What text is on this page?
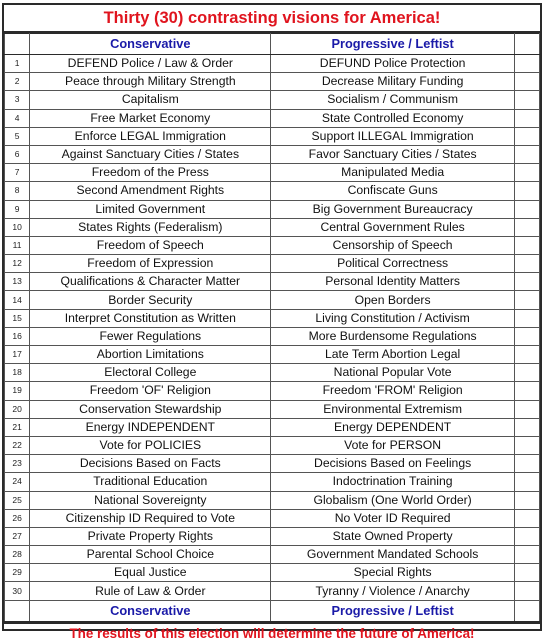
Thirty (30) contrasting visions for America!
	Conservative	Progressive / Leftist	
1	DEFEND Police / Law & Order	DEFUND Police Protection	
2	Peace through Military Strength	Decrease Military Funding	
3	Capitalism	Socialism / Communism	
4	Free Market Economy	State Controlled Economy	
5	Enforce LEGAL Immigration	Support ILLEGAL Immigration	
6	Against Sanctuary Cities / States	Favor Sanctuary Cities / States	
7	Freedom of the Press	Manipulated Media	
8	Second Amendment Rights	Confiscate Guns	
9	Limited Government	Big Government Bureaucracy	
10	States Rights (Federalism)	Central Government Rules	
11	Freedom of Speech	Censorship of Speech	
12	Freedom of Expression	Political Correctness	
13	Qualifications & Character Matter	Personal Identity Matters	
14	Border Security	Open Borders	
15	Interpret Constitution as Written	Living Constitution / Activism	
16	Fewer Regulations	More Burdensome Regulations	
17	Abortion Limitations	Late Term Abortion Legal	
18	Electoral College	National Popular Vote	
19	Freedom 'OF' Religion	Freedom 'FROM' Religion	
20	Conservation Stewardship	Environmental Extremism	
21	Energy INDEPENDENT	Energy DEPENDENT	
22	Vote for POLICIES	Vote for PERSON	
23	Decisions Based on Facts	Decisions Based on Feelings	
24	Traditional Education	Indoctrination Training	
25	National Sovereignty	Globalism (One World Order)	
26	Citizenship ID Required to Vote	No Voter ID Required	
27	Private Property Rights	State Owned Property	
28	Parental School Choice	Government Mandated Schools	
29	Equal Justice	Special Rights	
30	Rule of Law & Order	Tyranny / Violence / Anarchy	
	Conservative	Progressive / Leftist	
The results of this election will determine the future of America!
